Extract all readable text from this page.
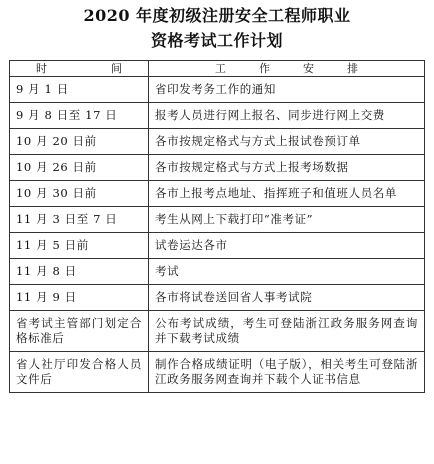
2020 年度初级注册安全工程师职业
资格考试工作计划
时 间	工 作 安 排

9 月 1 日	省印发考务工作的通知
9 月 8 日至 17 日	报考人员进行网上报名、同步进行网上交费
10 月 20 日前	各市按规定格式与方式上报试卷预订单
10 月 26 日前	各市按规定格式与方式上报考场数据
10 月 30 日前	各市上报考点地址、指挥班子和值班人员名单
11 月 3 日至 7 日	考生从网上下载打印“准考证”
11 月 5 日前	试卷运达各市
11 月 8 日	考试
11 月 9 日	各市将试卷送回省人事考试院

省考试主管部门划定合格标准后	公布考试成绩，考生可登陆浙江政务服务网查询并下载考试成绩

省人社厅印发合格人员文件后	制作合格成绩证明（电子版），相关考生可登陆浙江政务服务网查询并下载个人证书信息
